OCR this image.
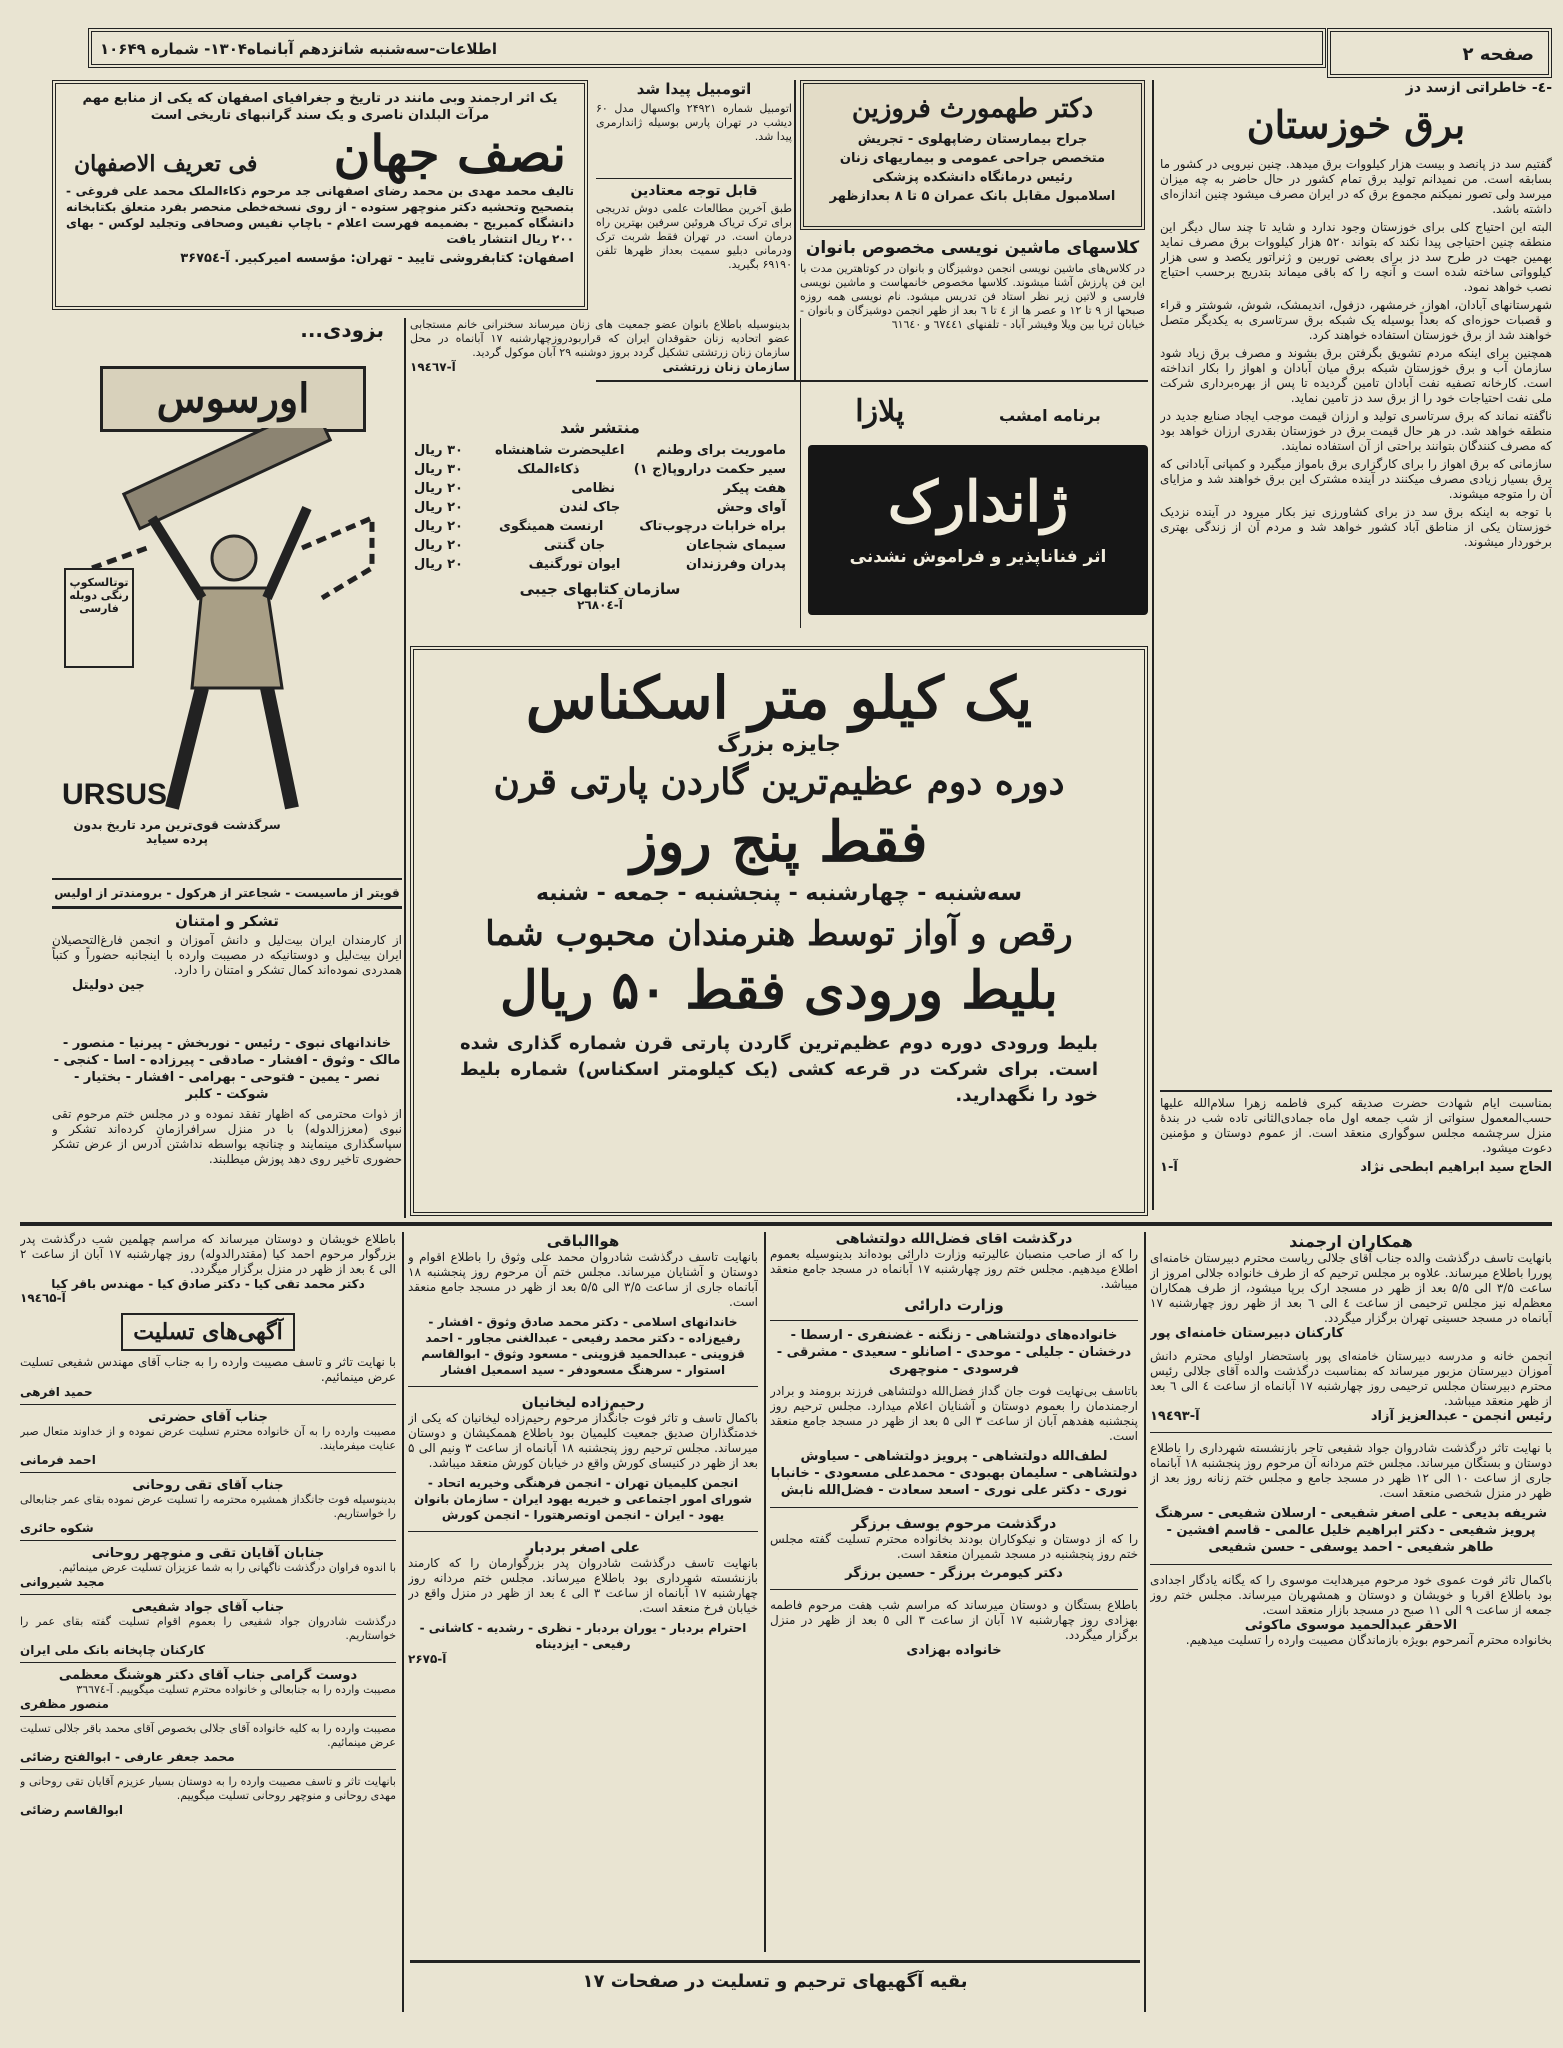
اطلاعات-سه‌شنبه شانزدهم آبانماه۱۳۰۴- شماره ۱۰۶۴۹	صفحه ۲
-٤- خاطراتی ازسد دز
برق خوزستان

گفتیم سد دز پانصد و بیست هزار کیلووات برق میدهد. چنین نیرویی در کشور ما بسابقه است. من نمیدانم تولید برق تمام کشور در حال حاضر به چه میزان میرسد ولی تصور نمیکنم مجموع برق که در ایران مصرف میشود چنین اندازه‌ای داشته باشد.

البته این احتیاج کلی برای خوزستان وجود ندارد و شاید تا چند سال دیگر این منطقه چنین احتیاجی پیدا نکند که بتواند ۵۲۰ هزار کیلووات برق مصرف نماید بهمین جهت در طرح سد دز برای بعضی توربین و ژنراتور یکصد و سی هزار کیلوواتی ساخته شده است و آنچه را که باقی میماند بتدریج برحسب احتیاج نصب خواهد نمود.

شهرستانهای آبادان، اهواز، خرمشهر، دزفول، اندیمشک، شوش، شوشتر و قراء و قصبات حوزه‌ای که بعداً بوسیله یک شبکه برق سرتاسری به یکدیگر متصل خواهند شد از برق خوزستان استفاده خواهند کرد.

همچنین برای اینکه مردم تشویق بگرفتن برق بشوند و مصرف برق زیاد شود سازمان آب و برق خوزستان شبکه برق میان آبادان و اهواز را بکار انداخته است. کارخانه تصفیه نفت آبادان تامین گردیده تا پس از بهره‌برداری شرکت ملی نفت احتیاجات خود را از برق سد دز تامین نماید.

ناگفته نماند که برق سرتاسری تولید و ارزان قیمت موجب ایجاد صنایع جدید در منطقه خواهد شد. در هر حال قیمت برق در خوزستان بقدری ارزان خواهد بود که مصرف کنندگان بتوانند براحتی از آن استفاده نمایند.

سازمانی که برق اهواز را برای کارگزاری برق بامواز میگیرد و کمپانی آبادانی که برق بسیار زیادی مصرف میکنند در آینده مشترک این برق خواهند شد و مزایای آن را متوجه میشوند.

با توجه به اینکه برق سد دز برای کشاورزی نیز بکار میرود در آینده نزدیک خوزستان یکی از مناطق آباد کشور خواهد شد و مردم آن از زندگی بهتری برخوردار میشوند.

بمناسبت ایام شهادت حضرت صدیقه کبری فاطمه زهرا سلام‌الله علیها حسب‌المعمول سنواتی از شب جمعه اول ماه جمادی‌الثانی تاده شب در بندهٔ منزل سرچشمه مجلس سوگواری منعقد است. از عموم دوستان و مؤمنین دعوت میشود.
الحاج سید ابراهیم ابطحی نژاد
آ-۱
دکتر طهمورث فروزین
جراح بیمارستان رضاپهلوی - تجریش
متخصص جراحی عمومی و بیماریهای زنان
رئیس درمانگاه دانشکده پزشکی
اسلامبول مقابل بانک عمران ۵ تا ۸ بعدازظهر
کلاسهای ماشین نویسی مخصوص بانوان
در کلاس‌های ماشین نویسی انجمن دوشیزگان و بانوان در کوتاهترین مدت با این فن پارزش آشنا میشوند. کلاسها مخصوص خانمهاست و ماشین نویسی فارسی و لاتین زیر نظر استاد فن تدریس میشود. نام نویسی همه روزه صبحها از ۹ تا ۱۲ و عصر ها از ٤ تا ٦ بعد از ظهر انجمن دوشیزگان و بانوان - خیابان ثریا بین ویلا وفیشر آباد - تلفنهای ٦٧٤٤١ و ٦١٦٤٠
اتومبیل پیدا شد
اتومبیل شماره ۲۴۹۲۱ واکسهال مدل ۶۰ دیشب در تهران پارس بوسیله ژاندارمری پیدا شد.
قابل توجه معتادین
طبق آخرین مطالعات علمی دوش تدریجی برای ترک تریاک هروئین سرفین بهترین راه درمان است. در تهران فقط شربت ترک ودرمانی دبلیو سمیت بعداز ظهرها تلفن ۶۹۱۹۰ بگیرید.
یک اثر ارجمند وبی مانند در تاریخ و جغرافیای اصفهان که یکی از منابع مهم مرآت البلدان ناصری و یک سند گرانبهای تاریخی است
نصف جهان
فی تعریف الاصفهان
تالیف محمد مهدی بن محمد رضای اصفهانی جد مرحوم ذکاءالملک محمد علی فروغی - بتصحیح وتحشیه دکتر منوچهر ستوده - از روی نسخه‌خطی منحصر بفرد متعلق بکتابخانه دانشگاه کمبریج - بضمیمه فهرست اعلام - باچاپ نفیس وصحافی وتجلید لوکس - بهای ۲۰۰ ریال انتشار یافت
اصفهان: کتابفروشی تایید - تهران: مؤسسه امیرکبیر. آ-۳۶۷۵٤
بدینوسیله باطلاع بانوان عضو جمعیت های زنان میرساند سخنرانی خانم مستجابی عضو اتحادیه زنان حقوقدان ایران که قراربودروزچهارشنبه ۱۷ آبانماه در محل سازمان زنان زرتشتی تشکیل گردد بروز دوشنبه ۲۹ آبان موکول گردید.
سازمان زنان زرتشتی
آ-۱۹٤٦۷
منتشر شد
ماموریت برای وطنم
اعلیحضرت شاهنشاه
۳۰ ریال
سیر حکمت دراروپا(ج ۱)
ذکاءالملک
۳۰ ریال
هفت پیکر
نظامی
۲۰ ریال
آوای وحش
جاک لندن
۲۰ ریال
براه خرابات درچوب‌تاک
ارنست همینگوی
۲۰ ریال
سیمای شجاعان
جان گنتی
۲۰ ریال
پدران وفرزندان
ایوان تورگنیف
۲۰ ریال
سازمان کتابهای جیبی
آ-۲٦۸۰٤
برنامه امشب
پلازا
ژاندارک
اثر فناناپذیر و فراموش نشدنی
بزودی...
اورسوس
توتالسکوپ رنگی دوبله فارسی
URSUS
سرگذشت قوی‌ترین مرد تاریخ بدون پرده سیاید
قویتر از ماسیست - شجاعتر از هرکول - برومندتر از اولیس
یک کیلو متر اسکناس
جایزه بزرگ
دوره دوم عظیم‌ترین گاردن پارتی قرن
فقط پنج روز
سه‌شنبه - چهارشنبه - پنجشنبه - جمعه - شنبه
رقص و آواز توسط هنرمندان محبوب شما
بلیط ورودی فقط ۵۰ ریال
بلیط ورودی دوره دوم عظیم‌ترین گاردن پارتی قرن شماره گذاری شده است. برای شرکت در قرعه کشی (یک کیلومتر اسکناس) شماره بلیط خود را نگهدارید.
تشکر و امتنان
از کارمندان ایران بیت‌لیل و دانش آموزان و انجمن فارغ‌التحصیلان ایران بیت‌لیل و دوستانیکه در مصیبت وارده با اینجانبه حضوراً و کتباً همدردی نموده‌اند کمال تشکر و امتنان را دارد.
جین دولیتل
خاندانهای نبوی - رئیس - نوربخش - پیرنیا - منصور - مالک - وثوق - افشار - صادقی - پیرزاده - اسا - کنجی - نصر - یمین - فتوحی - بهرامی - افشار - بختیار - شوکت - کلبر
از ذوات محترمی که اظهار تفقد نموده و در مجلس ختم مرحوم تقی نبوی (معززالدوله) با در منزل سرافرازمان کرده‌اند تشکر و سپاسگذاری مینمایند و چنانچه بواسطه نداشتن آدرس از عرض تشکر حضوری تاخیر روی دهد پوزش میطلبند.
همکاران ارجمند
بانهایت تاسف درگذشت والده جناب آقای جلالی ریاست محترم دبیرستان خامنه‌ای پوررا باطلاع میرساند. علاوه بر مجلس ترحیم که از طرف خانواده جلالی امروز از ساعت ۳/۵ الی ۵/۵ بعد از ظهر در مسجد ارک برپا میشود، از طرف همکاران معظم‌له نیز مجلس ترحیمی از ساعت ٤ الی ٦ بعد از ظهر روز چهارشنبه ۱۷ آبانماه در مسجد حسینی تهران برگزار میگردد.
کارکنان دبیرستان خامنه‌ای پور
انجمن خانه و مدرسه دبیرستان خامنه‌ای پور باستحضار اولیای محترم دانش آموزان دبیرستان مزبور میرساند که بمناسبت درگذشت والده آقای جلالی رئیس محترم دبیرستان مجلس ترحیمی روز چهارشنبه ۱۷ آبانماه از ساعت ٤ الی ٦ بعد از ظهر منعقد میباشد.
رئیس انجمن - عبدالعزیز آزاد
آ-۱۹٤۹۳
با نهایت تاثر درگذشت شادروان جواد شفیعی تاجر بازنشسته شهرداری را باطلاع دوستان و بستگان میرساند. مجلس ختم مردانه آن مرحوم روز پنجشنبه ۱۸ آبانماه جاری از ساعت ۱۰ الی ۱۲ ظهر در مسجد جامع و مجلس ختم زنانه روز بعد از ظهر در منزل شخصی منعقد است.
شریفه بدیعی - علی اصغر شفیعی - ارسلان شفیعی - سرهنگ پرویز شفیعی - دکتر ابراهیم خلیل عالمی - قاسم افشین - طاهر شفیعی - احمد یوسفی - حسن شفیعی
باکمال تاثر فوت عموی خود مرحوم میرهدایت موسوی را که یگانه یادگار اجدادی بود باطلاع اقربا و خویشان و دوستان و همشهریان میرساند. مجلس ختم روز جمعه از ساعت ۹ الی ۱۱ صبح در مسجد بازار منعقد است.
الاحقر عبدالحمید موسوی ماکوئی
بخانواده محترم آنمرحوم بویژه بازماندگان مصیبت وارده را تسلیت میدهیم.
درگذشت آقای فضل‌الله دولتشاهی
را که از صاحب منصبان عالیرتبه وزارت دارائی بوده‌اند بدینوسیله بعموم اطلاع میدهیم. مجلس ختم روز چهارشنبه ۱۷ آبانماه در مسجد جامع منعقد میباشد.
وزارت دارائی
خانواده‌های دولتشاهی - زنگنه - غضنفری - ارسطا - درخشان - جلیلی - موحدی - اصانلو - سعیدی - مشرقی - فرسودی - منوچهری
باتاسف بی‌نهایت فوت جان گداز فضل‌الله دولتشاهی فرزند برومند و برادر ارجمندمان را بعموم دوستان و آشنایان اعلام میدارد. مجلس ترحیم روز پنجشنبه هفدهم آبان از ساعت ۳ الی ۵ بعد از ظهر در مسجد جامع منعقد است.
لطف‌الله دولتشاهی - پرویز دولتشاهی - سیاوش دولتشاهی - سلیمان بهبودی - محمدعلی مسعودی - خانبابا نوری - دکتر علی نوری - اسعد سعادت - فضل‌الله نابش
درگذشت مرحوم یوسف برزگر
را که از دوستان و نیکوکاران بودند بخانواده محترم تسلیت گفته مجلس ختم روز پنجشنبه در مسجد شمیران منعقد است.
دکتر کیومرث برزگر - حسین برزگر
باطلاع بستگان و دوستان میرساند که مراسم شب هفت مرحوم فاطمه بهزادی روز چهارشنبه ۱۷ آبان از ساعت ۳ الی ٥ بعد از ظهر در منزل برگزار میگردد.
خانواده بهزادی
هواالباقی
بانهایت تاسف درگذشت شادروان محمد علی وثوق را باطلاع اقوام و دوستان و آشنایان میرساند. مجلس ختم آن مرحوم روز پنجشنبه ۱۸ آبانماه جاری از ساعت ۳/۵ الی ۵/۵ بعد از ظهر در مسجد جامع منعقد است.
خاندانهای اسلامی - دکتر محمد صادق وثوق - افشار - رفیع‌زاده - دکتر محمد رفیعی - عبدالغنی مجاور - احمد قزوینی - عبدالحمید قزوینی - مسعود وثوق - ابوالقاسم استوار - سرهنگ مسعودفر - سید اسمعیل افشار
رحیم‌زاده لیخانیان
باکمال تاسف و تاثر فوت جانگداز مرحوم رحیم‌زاده لیخانیان که یکی از خدمتگذاران صدیق جمعیت کلیمیان بود باطلاع هممکیشان و دوستان میرساند. مجلس ترحیم روز پنجشنبه ۱۸ آبانماه از ساعت ۳ ونیم الی ۵ بعد از ظهر در کنیسای کورش واقع در خیابان کورش منعقد میباشد.
انجمن کلیمیان تهران - انجمن فرهنگی وخیریه اتحاد - شورای امور اجتماعی و خیریه یهود ایران - سازمان بانوان یهود - ایران - انجمن اوتصرهتورا - انجمن کورش
علی اصغر بردبار
بانهایت تاسف درگذشت شادروان پدر بزرگوارمان را که کارمند بازنشسته شهرداری بود باطلاع میرساند. مجلس ختم مردانه روز چهارشنبه ۱۷ آبانماه از ساعت ۳ الی ٤ بعد از ظهر در منزل واقع در خیابان فرخ منعقد است.
احترام بردبار - یوران بردبار - نظری - رشدیه - کاشانی - رفیعی - ایزدیناه
آ-۲۶۷۵
باطلاع خویشان و دوستان میرساند که مراسم چهلمین شب درگذشت پدر بزرگوار مرحوم احمد کیا (مقتدرالدوله) روز چهارشنبه ۱۷ آبان از ساعت ۲ الی ٤ بعد از ظهر در منزل برگزار میگردد.
دکتر محمد تقی کیا - دکتر صادق کیا - مهندس باقر کیا
آ-۱۹٤٦۵
آگهی‌های تسلیت
با نهایت تاثر و تاسف مصیبت وارده را به جناب آقای مهندس شفیعی تسلیت عرض مینمائیم.
حمید افرهی
جناب آقای حضرتی
مصیبت وارده را به آن خانواده محترم تسلیت عرض نموده و از خداوند متعال صبر عنایت میفرمایند.
احمد فرمانی
جناب آقای تقی روحانی
بدینوسیله فوت جانگداز همشیره محترمه را تسلیت عرض نموده بقای عمر جنابعالی را خواستاریم.
شکوه حائری
جنابان آقایان تقی و منوچهر روحانی
با اندوه فراوان درگذشت ناگهانی را به شما عزیزان تسلیت عرض مینمائیم.
مجید شیروانی
جناب آقای جواد شفیعی
درگذشت شادروان جواد شفیعی را بعموم اقوام تسلیت گفته بقای عمر را خواستاریم.
کارکنان چاپخانه بانک ملی ایران
دوست گرامی جناب آقای دکتر هوشنگ معظمی
مصیبت وارده را به جنابعالی و خانواده محترم تسلیت میگوییم. آ-۳٦٦٧٤
منصور مظفری
مصیبت وارده را به کلیه خانواده آقای جلالی بخصوص آقای محمد باقر جلالی تسلیت عرض مینمائیم.
محمد جعفر عارفی - ابوالفتح رضائی
بانهایت تاثر و تاسف مصیبت وارده را به دوستان بسیار عزیزم آقایان تقی روحانی و مهدی روحانی و منوچهر روحانی تسلیت میگوییم.
ابوالقاسم رضائی
بقیه آگهیهای ترحیم و تسلیت در صفحات ۱۷
